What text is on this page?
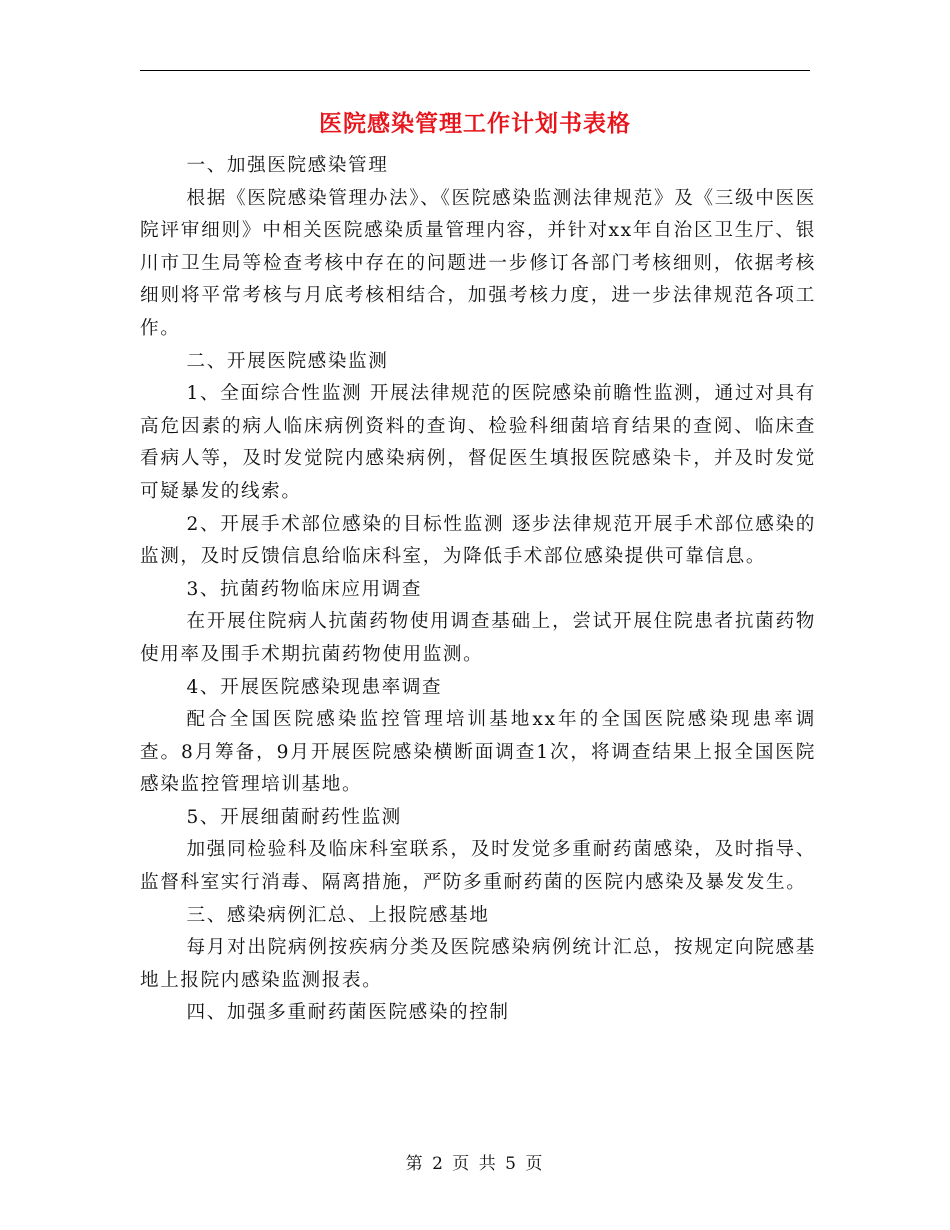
医院感染管理工作计划书表格

一、加强医院感染管理

根据《医院感染管理办法》、《医院感染监测法律规范》及《三级中医医院评审细则》中相关医院感染质量管理内容，并针对xx年自治区卫生厅、银川市卫生局等检查考核中存在的问题进一步修订各部门考核细则，依据考核细则将平常考核与月底考核相结合，加强考核力度，进一步法律规范各项工作。

二、开展医院感染监测

1、全面综合性监测 开展法律规范的医院感染前瞻性监测，通过对具有高危因素的病人临床病例资料的查询、检验科细菌培育结果的查阅、临床查看病人等，及时发觉院内感染病例，督促医生填报医院感染卡，并及时发觉可疑暴发的线索。

2、开展手术部位感染的目标性监测 逐步法律规范开展手术部位感染的监测，及时反馈信息给临床科室，为降低手术部位感染提供可靠信息。

3、抗菌药物临床应用调查

在开展住院病人抗菌药物使用调查基础上，尝试开展住院患者抗菌药物使用率及围手术期抗菌药物使用监测。

4、开展医院感染现患率调查

配合全国医院感染监控管理培训基地xx年的全国医院感染现患率调查。8月筹备，9月开展医院感染横断面调查1次，将调查结果上报全国医院感染监控管理培训基地。

5、开展细菌耐药性监测

加强同检验科及临床科室联系，及时发觉多重耐药菌感染，及时指导、监督科室实行消毒、隔离措施，严防多重耐药菌的医院内感染及暴发发生。

三、感染病例汇总、上报院感基地

每月对出院病例按疾病分类及医院感染病例统计汇总，按规定向院感基地上报院内感染监测报表。

四、加强多重耐药菌医院感染的控制

第 2 页 共 5 页
